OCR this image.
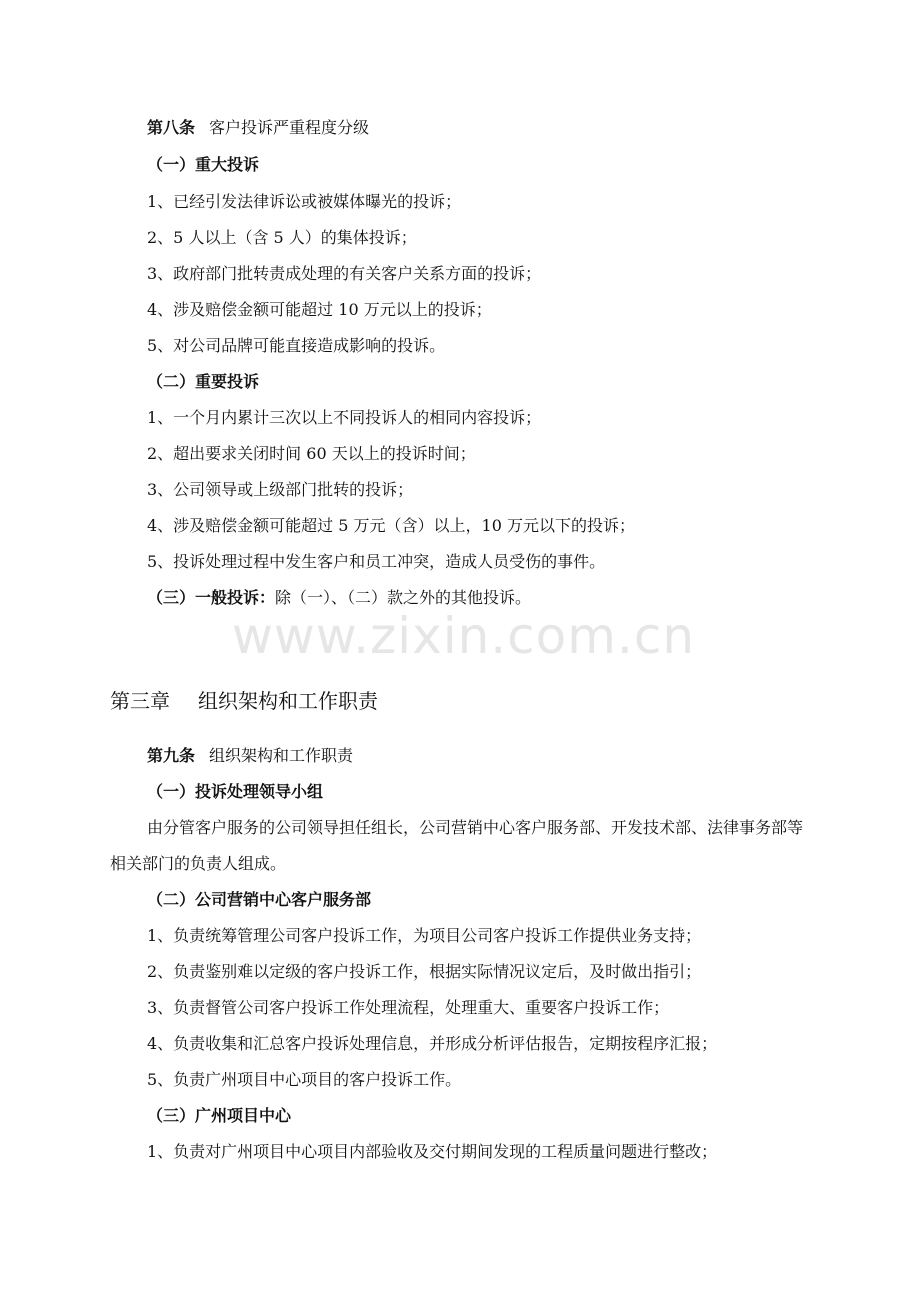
www.zixin.com.cn
第八条 客户投诉严重程度分级
（一）重大投诉
1、已经引发法律诉讼或被媒体曝光的投诉；
2、5 人以上（含 5 人）的集体投诉；
3、政府部门批转责成处理的有关客户关系方面的投诉；
4、涉及赔偿金额可能超过 10 万元以上的投诉；
5、对公司品牌可能直接造成影响的投诉。
（二）重要投诉
1、一个月内累计三次以上不同投诉人的相同内容投诉；
2、超出要求关闭时间 60 天以上的投诉时间；
3、公司领导或上级部门批转的投诉；
4、涉及赔偿金额可能超过 5 万元（含）以上，10 万元以下的投诉；
5、投诉处理过程中发生客户和员工冲突，造成人员受伤的事件。
（三）一般投诉：除（一）、（二）款之外的其他投诉。
第三章 组织架构和工作职责
第九条 组织架构和工作职责
（一）投诉处理领导小组
由分管客户服务的公司领导担任组长，公司营销中心客户服务部、开发技术部、法律事务部等相关部门的负责人组成。
（二）公司营销中心客户服务部
1、负责统筹管理公司客户投诉工作，为项目公司客户投诉工作提供业务支持；
2、负责鉴别难以定级的客户投诉工作，根据实际情况议定后，及时做出指引；
3、负责督管公司客户投诉工作处理流程，处理重大、重要客户投诉工作；
4、负责收集和汇总客户投诉处理信息，并形成分析评估报告，定期按程序汇报；
5、负责广州项目中心项目的客户投诉工作。
（三）广州项目中心
1、负责对广州项目中心项目内部验收及交付期间发现的工程质量问题进行整改；
